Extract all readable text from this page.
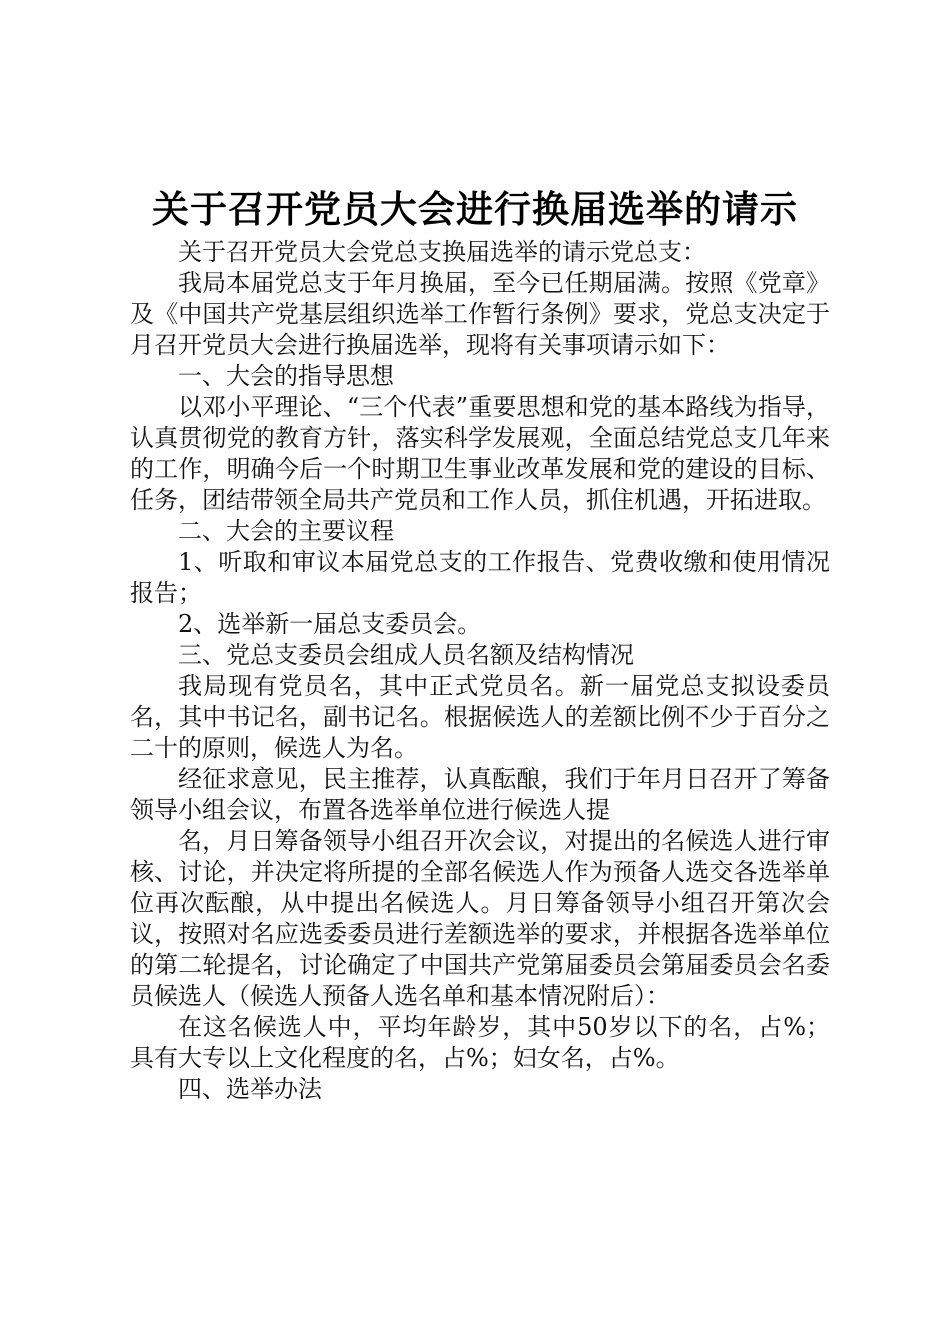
关于召开党员大会进行换届选举的请示

关于召开党员大会党总支换届选举的请示党总支：

我局本届党总支于年月换届，至今已任期届满。按照《党章》及《中国共产党基层组织选举工作暂行条例》要求，党总支决定于月召开党员大会进行换届选举，现将有关事项请示如下：

一、大会的指导思想

以邓小平理论、“三个代表”重要思想和党的基本路线为指导，认真贯彻党的教育方针，落实科学发展观，全面总结党总支几年来的工作，明确今后一个时期卫生事业改革发展和党的建设的目标、任务，团结带领全局共产党员和工作人员，抓住机遇，开拓进取。

二、大会的主要议程

1、听取和审议本届党总支的工作报告、党费收缴和使用情况报告；

2、选举新一届总支委员会。

三、党总支委员会组成人员名额及结构情况

我局现有党员名，其中正式党员名。新一届党总支拟设委员名，其中书记名，副书记名。根据候选人的差额比例不少于百分之二十的原则，候选人为名。

经征求意见，民主推荐，认真酝酿，我们于年月日召开了筹备领导小组会议，布置各选举单位进行候选人提

名，月日筹备领导小组召开次会议，对提出的名候选人进行审核、讨论，并决定将所提的全部名候选人作为预备人选交各选举单位再次酝酿，从中提出名候选人。月日筹备领导小组召开第次会议，按照对名应选委委员进行差额选举的要求，并根据各选举单位的第二轮提名，讨论确定了中国共产党第届委员会第届委员会名委员候选人（候选人预备人选名单和基本情况附后）：

在这名候选人中，平均年龄岁，其中50岁以下的名，占%；具有大专以上文化程度的名，占%；妇女名，占%。

四、选举办法
